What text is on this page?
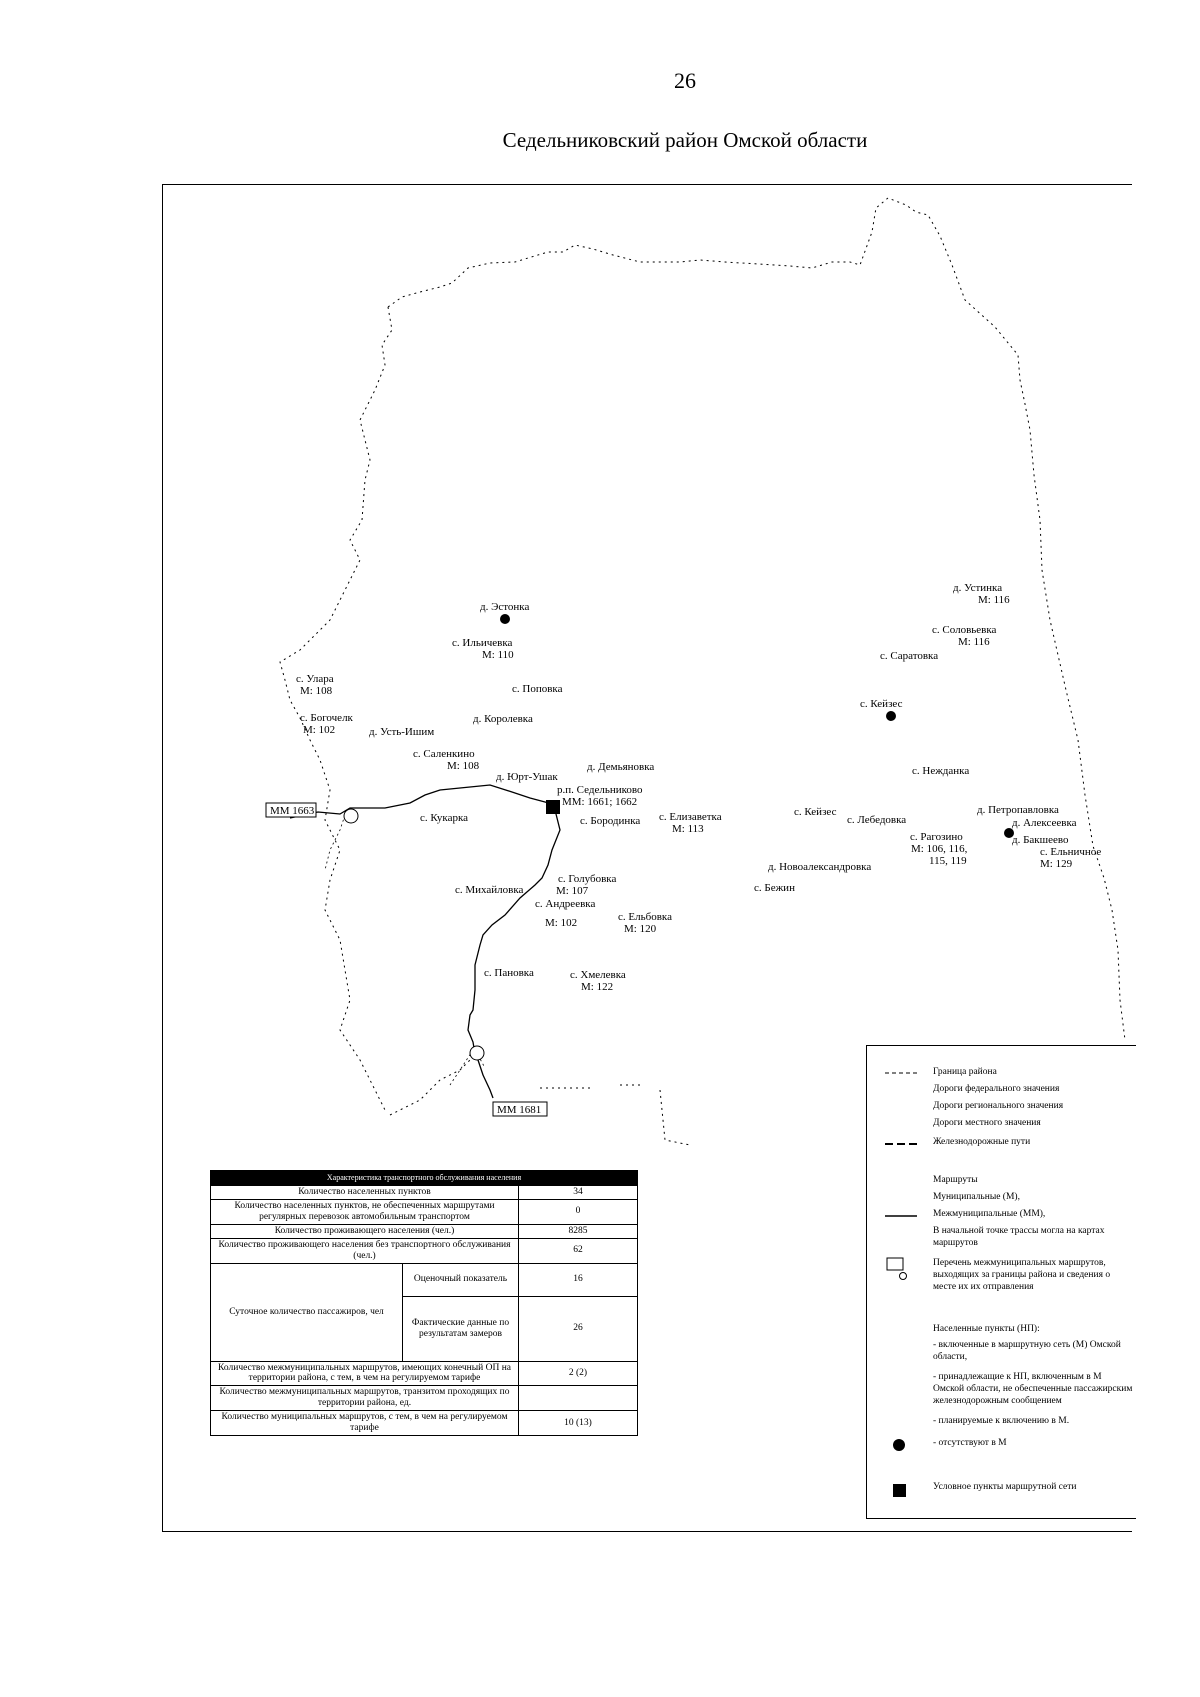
26
Седельниковский район Омской области
ММ 1663
ММ 1681
д. Эстонка
с. Ильичевка
М: 110
с. Улара
М: 108	с. Поповка
с. Богочелк
М: 102
д. Королевка
д. Усть-Ишим
с. Саленкино
М: 108
д. Юрт-Ушак
д. Демьяновка
р.п. Седельниково
ММ: 1661; 1662
с. Кукарка	с. Бородинка с. Елизаветка
М: 113
с. Голубовка
М: 107
с. Михайловка
с. Андреевка
М: 102	с. Ельбовка
М: 120
с. Пановка	с. Хмелевка
М: 122
д. Устинка
М: 116
с. Соловьевка
М: 116
с. Саратовка
с. Кейзес
с. Нежданка
с. Кейзес
с. Лебедовка
с. Рагозино
М: 106, 116,
115, 119
д. Новоалександровка
с. Бежин
д. Петропавловка
д. Алексеевка
д. Бакшеево
с. Ельничное
М: 129
Характеристика транспортного обслуживания населения		
Количество населенных пунктов		34
Количество населенных пунктов, не обеспеченных маршрутами регулярных перевозок автомобильным транспортом		0
Количество проживающего населения (чел.)		8285
Количество проживающего населения без транспортного обслуживания (чел.)		62
Суточное количество пассажиров, чел	Оценочный показатель	16
	Фактические данные по результатам замеров	26
Количество межмуниципальных маршрутов, имеющих конечный ОП на территории района, с тем, в чем на регулируемом тарифе		2 (2)
Количество межмуниципальных маршрутов, транзитом проходящих по территории района, ед.		
Количество муниципальных маршрутов, с тем, в чем на регулируемом тарифе		10 (13)
Граница района
Дороги федерального значения
Дороги регионального значения
Дороги местного значения
Железнодорожные пути
Маршруты
Муниципальные (М),
Межмуниципальные (ММ),
В начальной точке трассы могла на картах маршрутов
Перечень межмуниципальных маршрутов, выходящих за границы района и сведения о месте их их отправления
Населенные пункты (НП):
- включенные в маршрутную сеть (М) Омской области,
- принадлежащие к НП, включенным в М Омской области, не обеспеченные пассажирским железнодорожным сообщением
- планируемые к включению в М.
- отсутствуют в М
Условное пункты маршрутной сети
